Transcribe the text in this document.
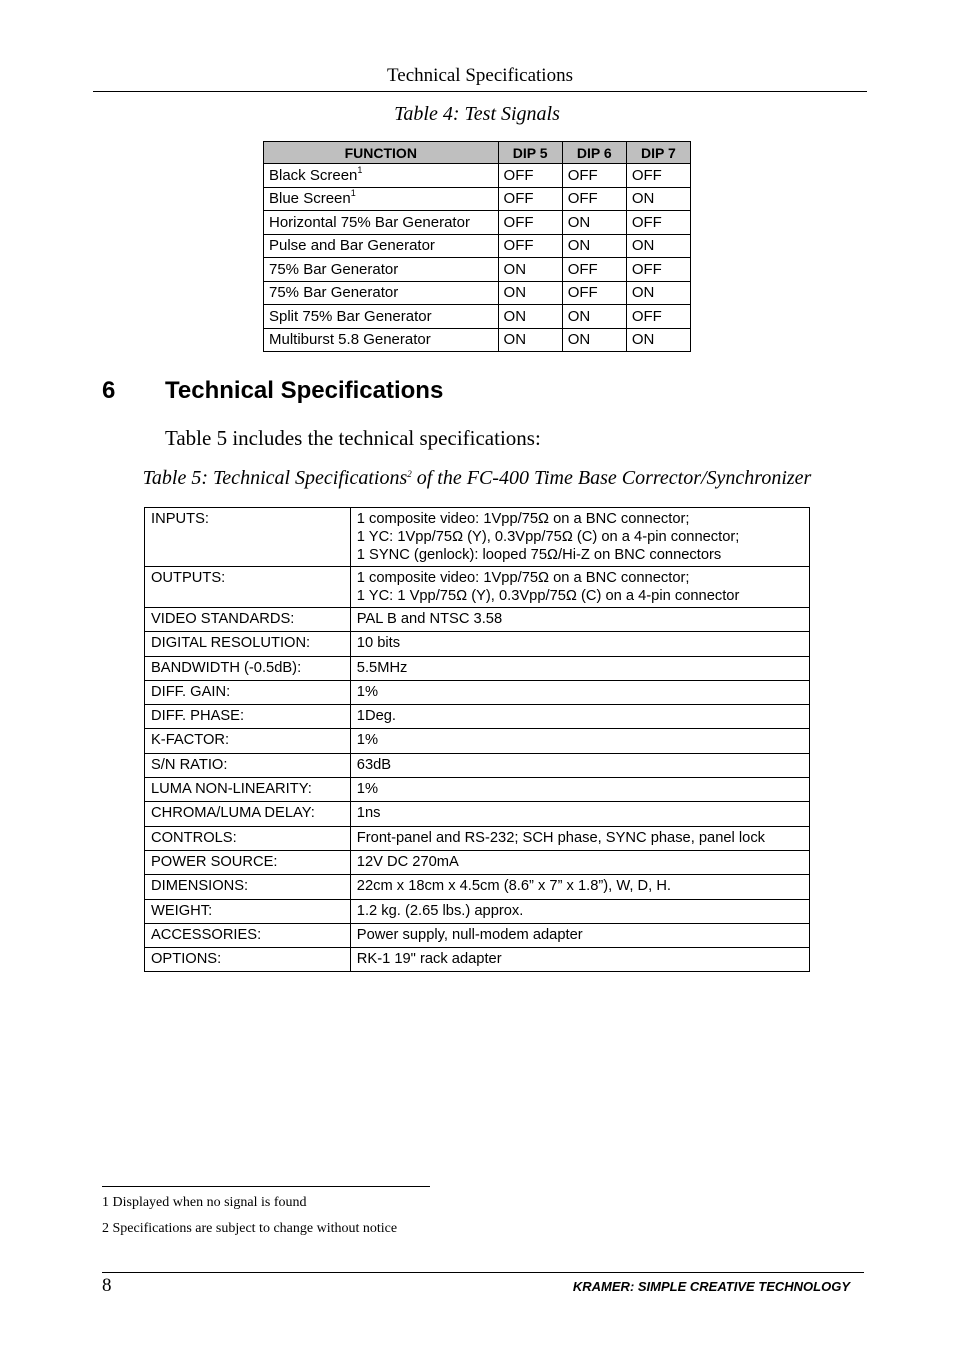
Technical Specifications
Table 4: Test Signals
FUNCTION	DIP 5	DIP 6	DIP 7
Black Screen$^1$	OFF	OFF	OFF
Blue Screen$^1$	OFF	OFF	ON
Horizontal 75% Bar Generator	OFF	ON	OFF
Pulse and Bar Generator	OFF	ON	ON
75% Bar Generator	ON	OFF	OFF
75% Bar Generator	ON	OFF	ON
Split 75% Bar Generator	ON	ON	OFF
Multiburst 5.8 Generator	ON	ON	ON
6 Technical Specifications
Table 5 includes the technical specifications:
Table 5: Technical Specifications$^2$ of the FC-400 Time Base Corrector/Synchronizer
INPUTS:	1 composite video: 1Vpp/75Ω on a BNC connector;
1 YC: 1Vpp/75Ω (Y), 0.3Vpp/75Ω (C) on a 4-pin connector;
1 SYNC (genlock): looped 75Ω/Hi-Z on BNC connectors
OUTPUTS:	1 composite video: 1Vpp/75Ω on a BNC connector;
1 YC: 1 Vpp/75Ω (Y), 0.3Vpp/75Ω (C) on a 4-pin connector
VIDEO STANDARDS:	PAL B and NTSC 3.58
DIGITAL RESOLUTION:	10 bits
BANDWIDTH (-0.5dB):	5.5MHz
DIFF. GAIN:	1%
DIFF. PHASE:	1Deg.
K-FACTOR:	1%
S/N RATIO:	63dB
LUMA NON-LINEARITY:	1%
CHROMA/LUMA DELAY:	1ns
CONTROLS:	Front-panel and RS-232; SCH phase, SYNC phase, panel lock
POWER SOURCE:	12V DC 270mA
DIMENSIONS:	22cm x 18cm x 4.5cm (8.6” x 7” x 1.8”), W, D, H.
WEIGHT:	1.2 kg. (2.65 lbs.) approx.
ACCESSORIES:	Power supply, null-modem adapter
OPTIONS:	RK-1 19" rack adapter
1 Displayed when no signal is found
2 Specifications are subject to change without notice
8	KRAMER: SIMPLE CREATIVE TECHNOLOGY
